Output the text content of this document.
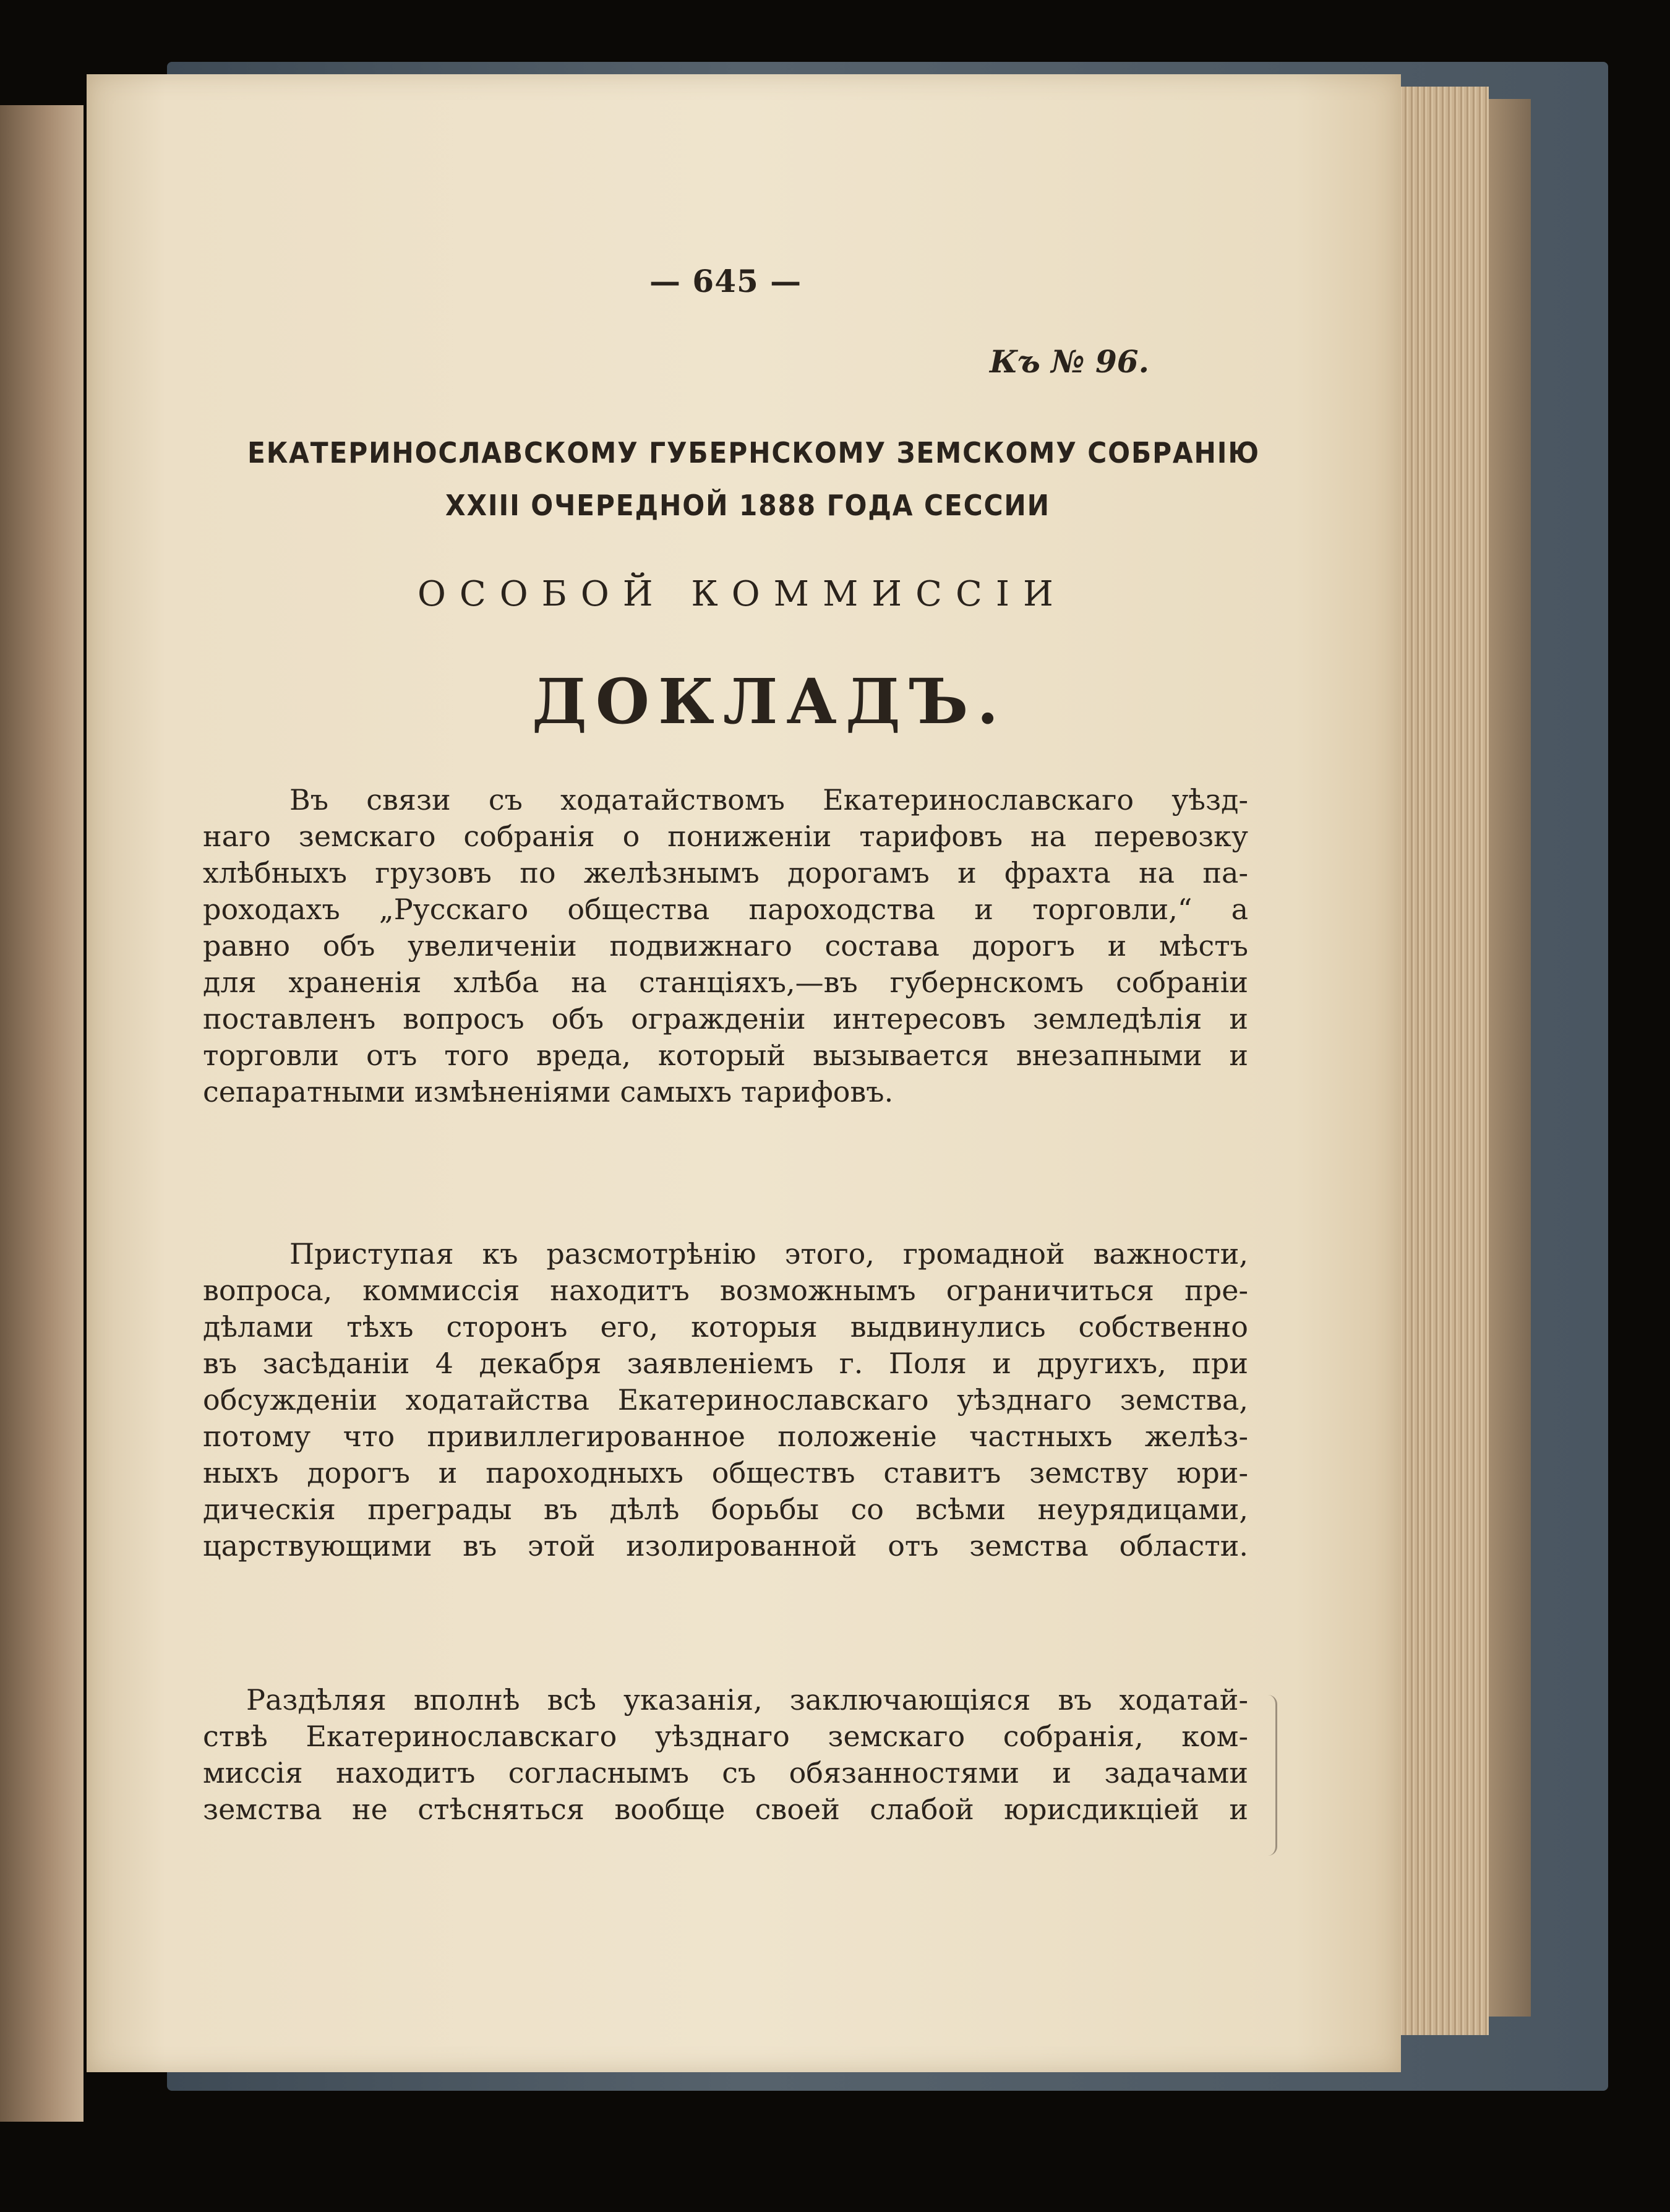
— 645 —

Къ № 96.

ЕКАТЕРИНОСЛАВСКОМУ ГУБЕРНСКОМУ ЗЕМСКОМУ СОБРАНІЮ

XXIII ОЧЕРЕДНОЙ 1888 ГОДА СЕССИИ

ОСОБОЙ КОММИССІИ

ДОКЛАДЪ.

Въ связи съ ходатайствомъ Екатеринославскаго уѣзд-
наго земскаго собранія о пониженіи тарифовъ на перевозку
хлѣбныхъ грузовъ по желѣзнымъ дорогамъ и фрахта на па-
роходахъ „Русскаго общества пароходства и торговли,“ а
равно объ увеличеніи подвижнаго состава дорогъ и мѣстъ
для храненія хлѣба на станціяхъ,—въ губернскомъ собраніи
поставленъ вопросъ объ огражденіи интересовъ земледѣлія и
торговли отъ того вреда, который вызывается внезапными и
сепаратными измѣненіями самыхъ тарифовъ.
Приступая къ разсмотрѣнію этого, громадной важности,
вопроса, коммиссія находитъ возможнымъ ограничиться пре-
дѣлами тѣхъ сторонъ его, которыя выдвинулись собственно
въ засѣданіи 4 декабря заявленіемъ г. Поля и другихъ, при
обсужденіи ходатайства Екатеринославскаго уѣзднаго земства,
потому что привиллегированное положеніе частныхъ желѣз-
ныхъ дорогъ и пароходныхъ обществъ ставитъ земству юри-
дическія преграды въ дѣлѣ борьбы со всѣми неурядицами,
царствующими въ этой изолированной отъ земства области.
Раздѣляя вполнѣ всѣ указанія, заключающіяся въ ходатай-
ствѣ Екатеринославскаго уѣзднаго земскаго собранія, ком-
миссія находитъ согласнымъ съ обязанностями и задачами
земства не стѣсняться вообще своей слабой юрисдикціей и
